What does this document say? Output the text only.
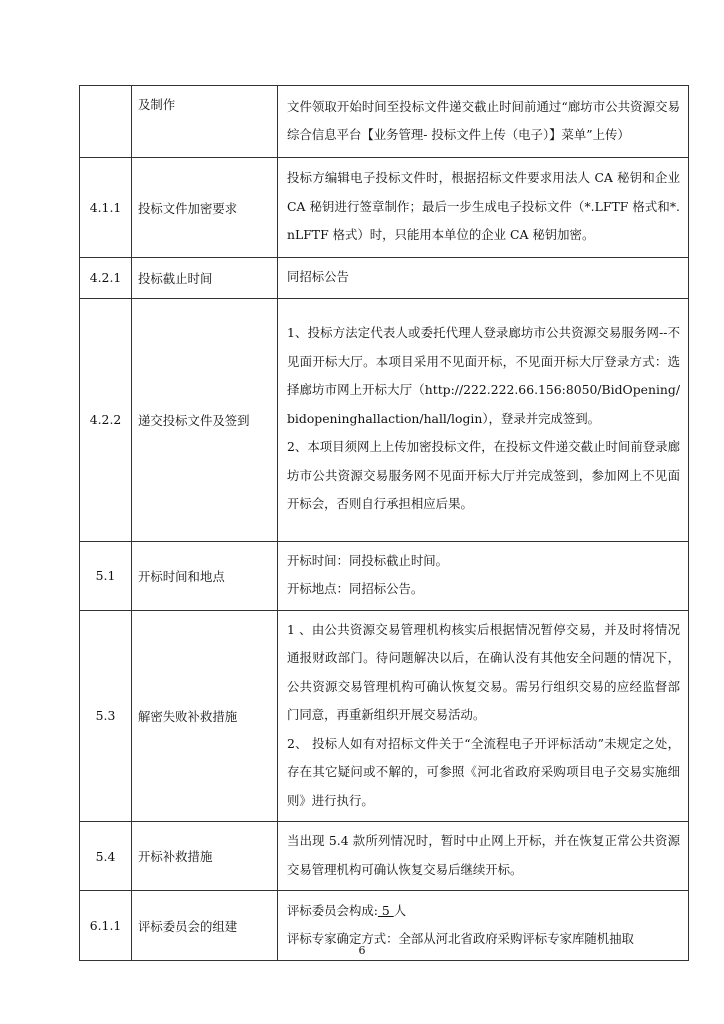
	及制作	文件领取开始时间至投标文件递交截止时间前通过“廊坊市公共资源交易综合信息平台【业务管理- 投标文件上传（电子）】菜单”上传）

4.1.1	投标文件加密要求	投标方编辑电子投标文件时，根据招标文件要求用法人 CA 秘钥和企业 CA 秘钥进行签章制作；最后一步生成电子投标文件（*.LFTF 格式和*.nLFTF 格式）时，只能用本单位的企业 CA 秘钥加密。

4.2.1	投标截止时间	同招标公告

4.2.2	递交投标文件及签到	1、投标方法定代表人或委托代理人登录廊坊市公共资源交易服务网--不见面开标大厅。本项目采用不见面开标，不见面开标大厅登录方式：选择廊坊市网上开标大厅（http://222.222.66.156:8050/BidOpening/bidopeninghallaction/hall/login），登录并完成签到。

2、本项目须网上上传加密投标文件，在投标文件递交截止时间前登录廊坊市公共资源交易服务网不见面开标大厅并完成签到，参加网上不见面开标会，否则自行承担相应后果。

5.1	开标时间和地点	开标时间：同投标截止时间。

开标地点：同招标公告。

5.3	解密失败补救措施	1 、由公共资源交易管理机构核实后根据情况暂停交易，并及时将情况通报财政部门。待问题解决以后，在确认没有其他安全问题的情况下，公共资源交易管理机构可确认恢复交易。需另行组织交易的应经监督部门同意，再重新组织开展交易活动。

2、 投标人如有对招标文件关于“全流程电子开评标活动”未规定之处，存在其它疑问或不解的，可参照《河北省政府采购项目电子交易实施细则》进行执行。

5.4	开标补救措施	当出现 5.4 款所列情况时，暂时中止网上开标，并在恢复正常公共资源交易管理机构可确认恢复交易后继续开标。

6.1.1	评标委员会的组建	评标委员会构成: 5 人

评标专家确定方式：全部从河北省政府采购评标专家库随机抽取

6
